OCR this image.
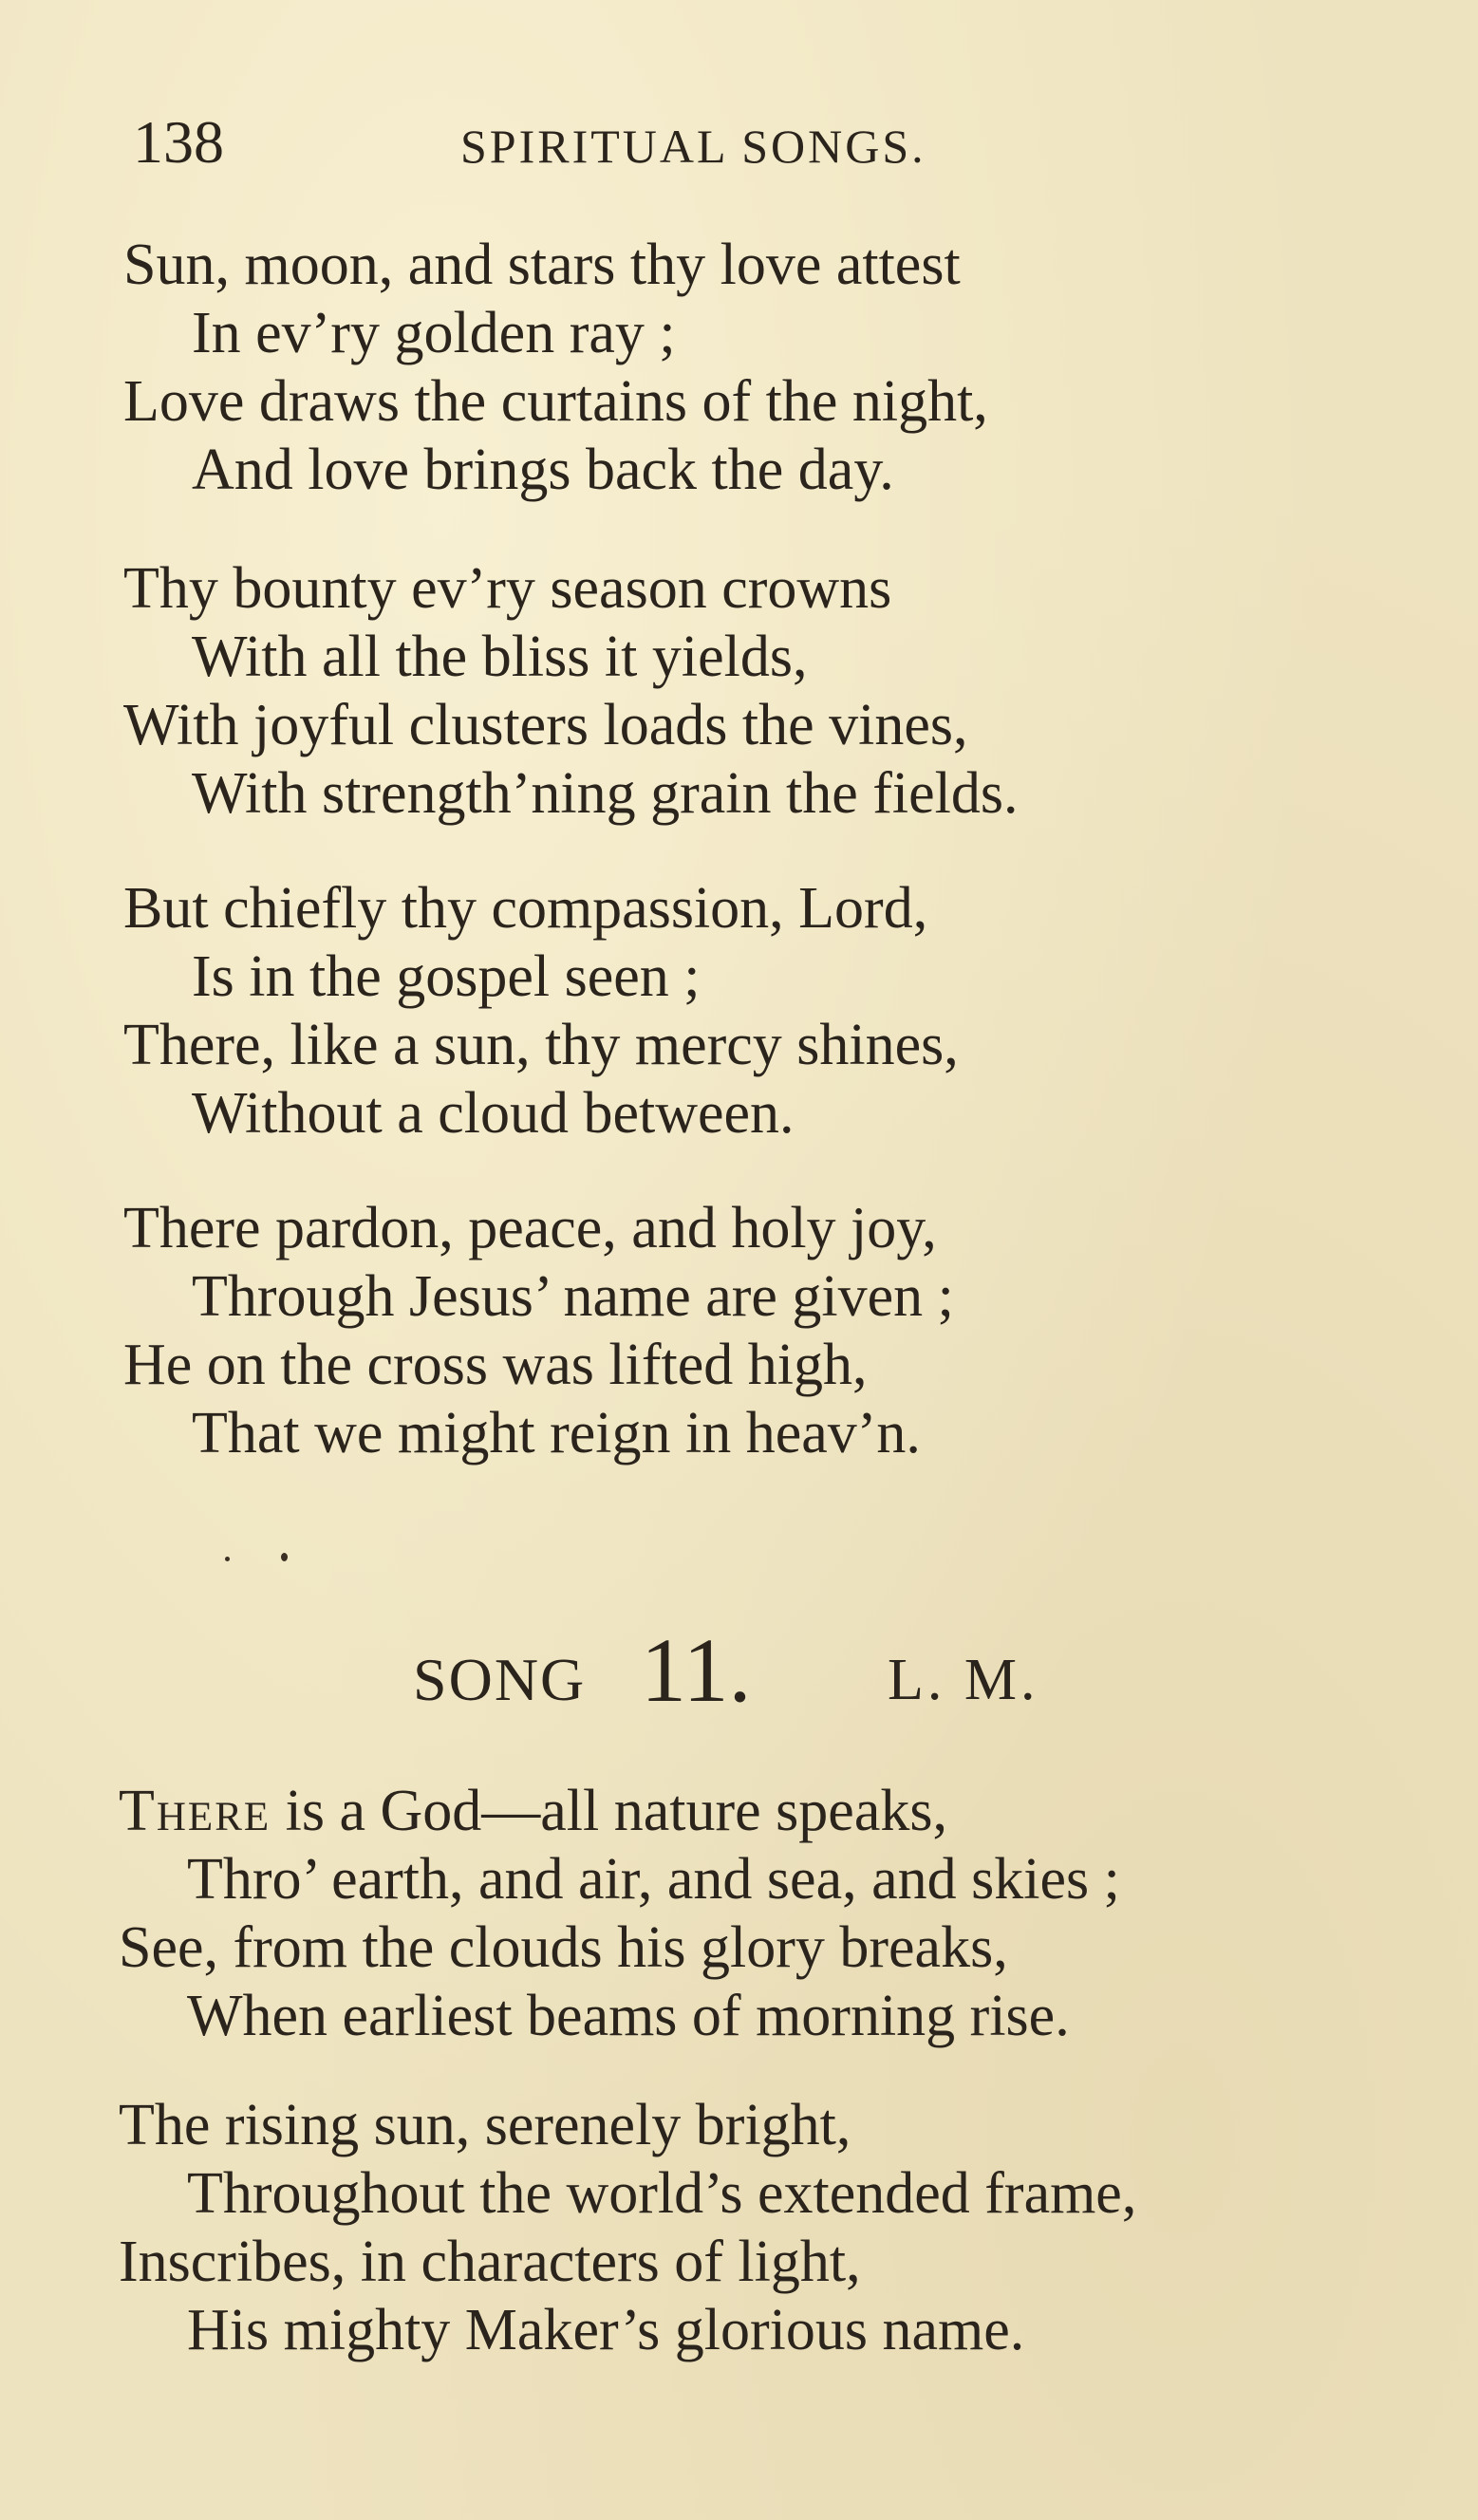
138	SPIRITUAL SONGS.
Sun, moon, and stars thy love attest
In ev’ry golden ray ;
Love draws the curtains of the night,
And love brings back the day.
Thy bounty ev’ry season crowns
With all the bliss it yields,
With joyful clusters loads the vines,
With strength’ning grain the fields.
But chiefly thy compassion, Lord,
Is in the gospel seen ;
There, like a sun, thy mercy shines,
Without a cloud between.
There pardon, peace, and holy joy,
Through Jesus’ name are given ;
He on the cross was lifted high,
That we might reign in heav’n.
SONG 11. L. M.
There is a God—all nature speaks,
Thro’ earth, and air, and sea, and skies ;
See, from the clouds his glory breaks,
When earliest beams of morning rise.
The rising sun, serenely bright,
Throughout the world’s extended frame,
Inscribes, in characters of light,
His mighty Maker’s glorious name.
